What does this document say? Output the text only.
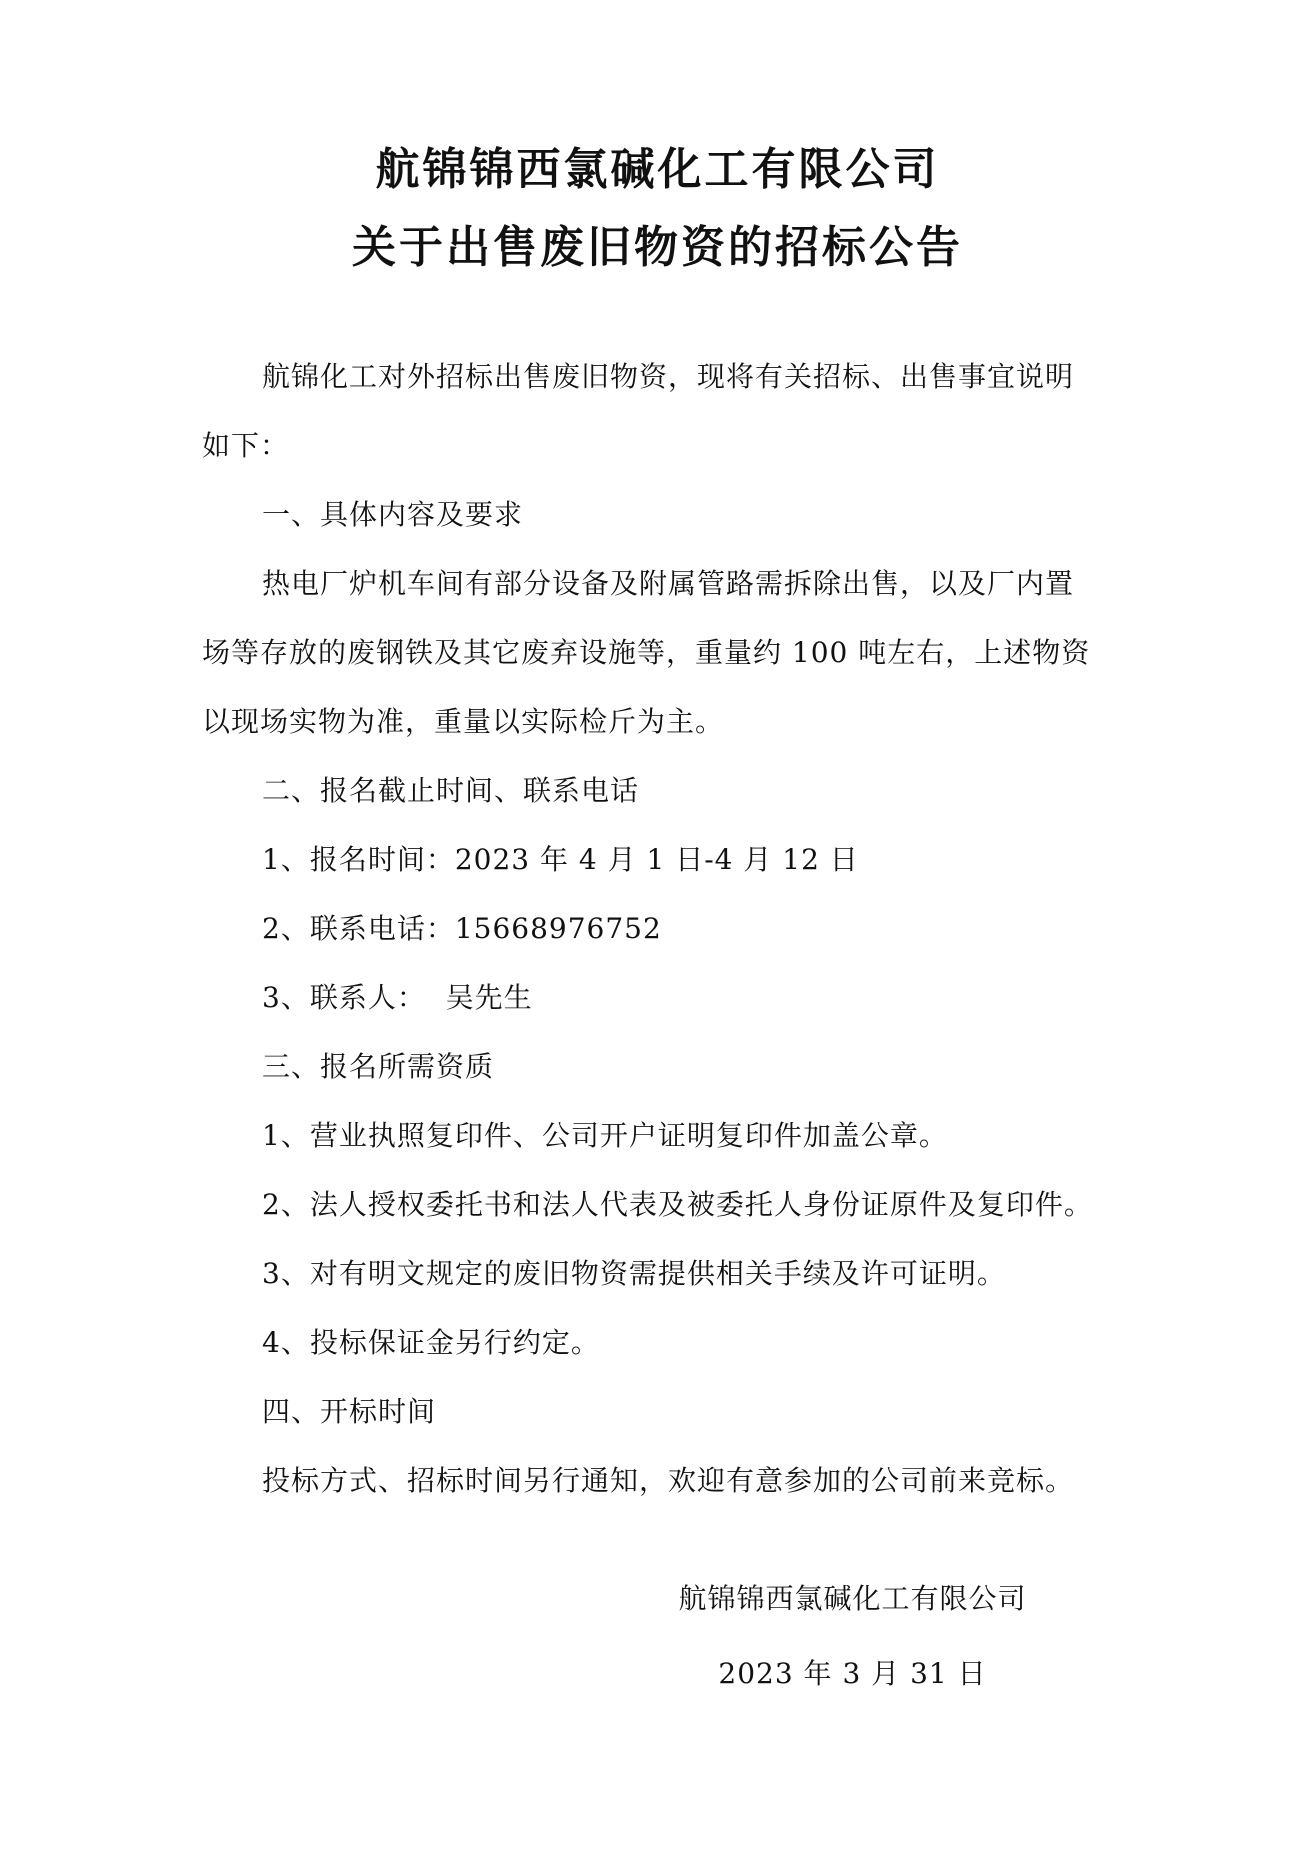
航锦锦西氯碱化工有限公司
关于出售废旧物资的招标公告

航锦化工对外招标出售废旧物资，现将有关招标、出售事宜说明

如下：

一、具体内容及要求

热电厂炉机车间有部分设备及附属管路需拆除出售，以及厂内置

场等存放的废钢铁及其它废弃设施等，重量约 100 吨左右，上述物资

以现场实物为准，重量以实际检斤为主。

二、报名截止时间、联系电话

1、报名时间：2023 年 4 月 1 日-4 月 12 日

2、联系电话：15668976752

3、联系人：  吴先生

三、报名所需资质

1、营业执照复印件、公司开户证明复印件加盖公章。

2、法人授权委托书和法人代表及被委托人身份证原件及复印件。

3、对有明文规定的废旧物资需提供相关手续及许可证明。

4、投标保证金另行约定。

四、开标时间

投标方式、招标时间另行通知，欢迎有意参加的公司前来竞标。

航锦锦西氯碱化工有限公司
2023 年 3 月 31 日
